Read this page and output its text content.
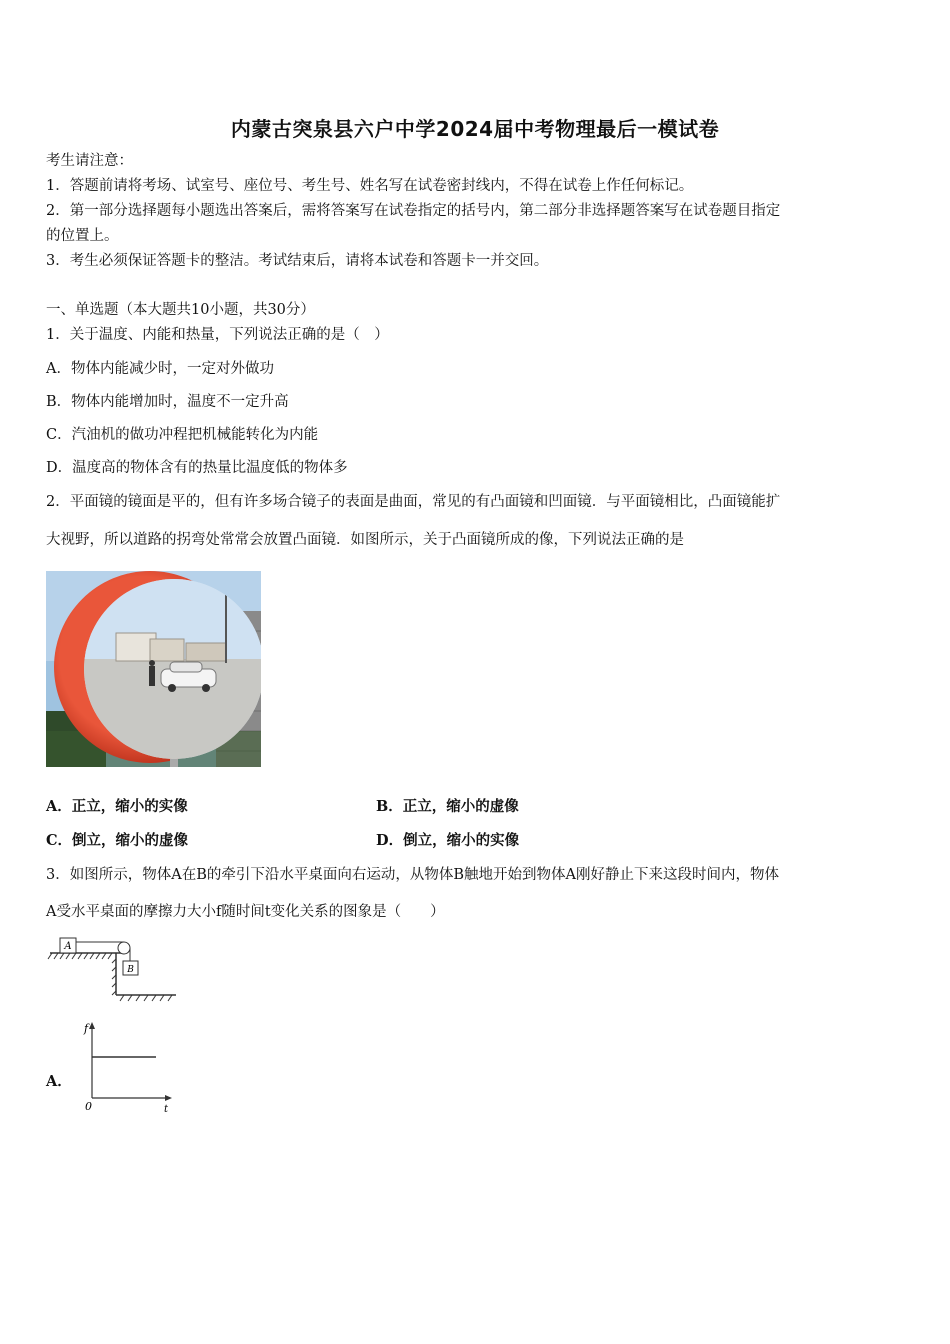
内蒙古突泉县六户中学2024届中考物理最后一模试卷
考生请注意：
1．答题前请将考场、试室号、座位号、考生号、姓名写在试卷密封线内，不得在试卷上作任何标记。
2．第一部分选择题每小题选出答案后，需将答案写在试卷指定的括号内，第二部分非选择题答案写在试卷题目指定
的位置上。
3．考生必须保证答题卡的整洁。考试结束后，请将本试卷和答题卡一并交回。
一、单选题（本大题共10小题，共30分）
1．关于温度、内能和热量，下列说法正确的是（　）
A．物体内能减少时，一定对外做功
B．物体内能增加时，温度不一定升高
C．汽油机的做功冲程把机械能转化为内能
D．温度高的物体含有的热量比温度低的物体多
2．平面镜的镜面是平的，但有许多场合镜子的表面是曲面，常见的有凸面镜和凹面镜．与平面镜相比，凸面镜能扩
大视野，所以道路的拐弯处常常会放置凸面镜．如图所示，关于凸面镜所成的像，下列说法正确的是
A．正立，缩小的实像	B．正立，缩小的虚像
C．倒立，缩小的虚像	D．倒立，缩小的实像
3．如图所示，物体A在B的牵引下沿水平桌面向右运动，从物体B触地开始到物体A刚好静止下来这段时间内，物体
A受水平桌面的摩擦力大小f随时间t变化关系的图象是（　　）
A
B
A．
f
t
0
